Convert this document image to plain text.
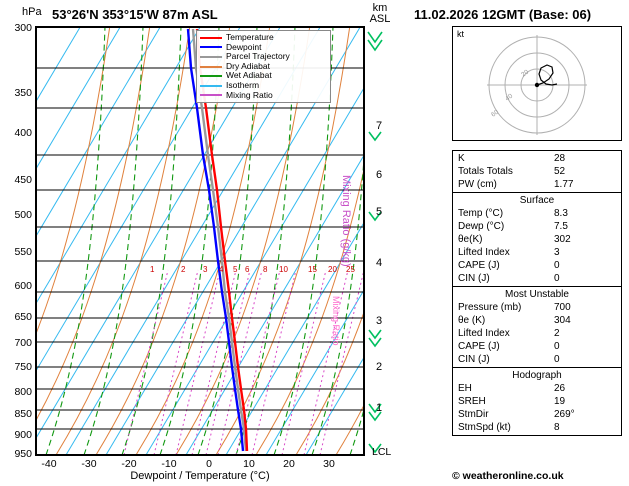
hPa 53°26'N 353°15'W 87m ASL	km
ASL 11.02.2026 12GMT (Base: 06)
300
350
400
450
500
550
600
650
700
750
800
850
900
950
1	2 3 4 5 6 8 10	15 20 25
Temperature
Dewpoint
Parcel Trajectory
Dry Adiabat
Wet Adiabat
Isotherm
Mixing Ratio
Mixing Ratio (g/kg)
Mixing Ratio
1
2
3
4
5
6
7
LCL
-40	-30	-20	-10	0	10	20	30
Dewpoint / Temperature (°C)
kt
20
40
60
K	28
Totals Totals	52
PW (cm)	1.77
Surface
Temp (°C)	8.3
Dewp (°C)	7.5
θe(K)	302
Lifted Index	3
CAPE (J)	0
CIN (J)	0
Most Unstable
Pressure (mb)	700
θe (K)	304
Lifted Index	2
CAPE (J)	0
CIN (J)	0
Hodograph
EH	26
SREH	19
StmDir	269°
StmSpd (kt)	8
© weatheronline.co.uk
